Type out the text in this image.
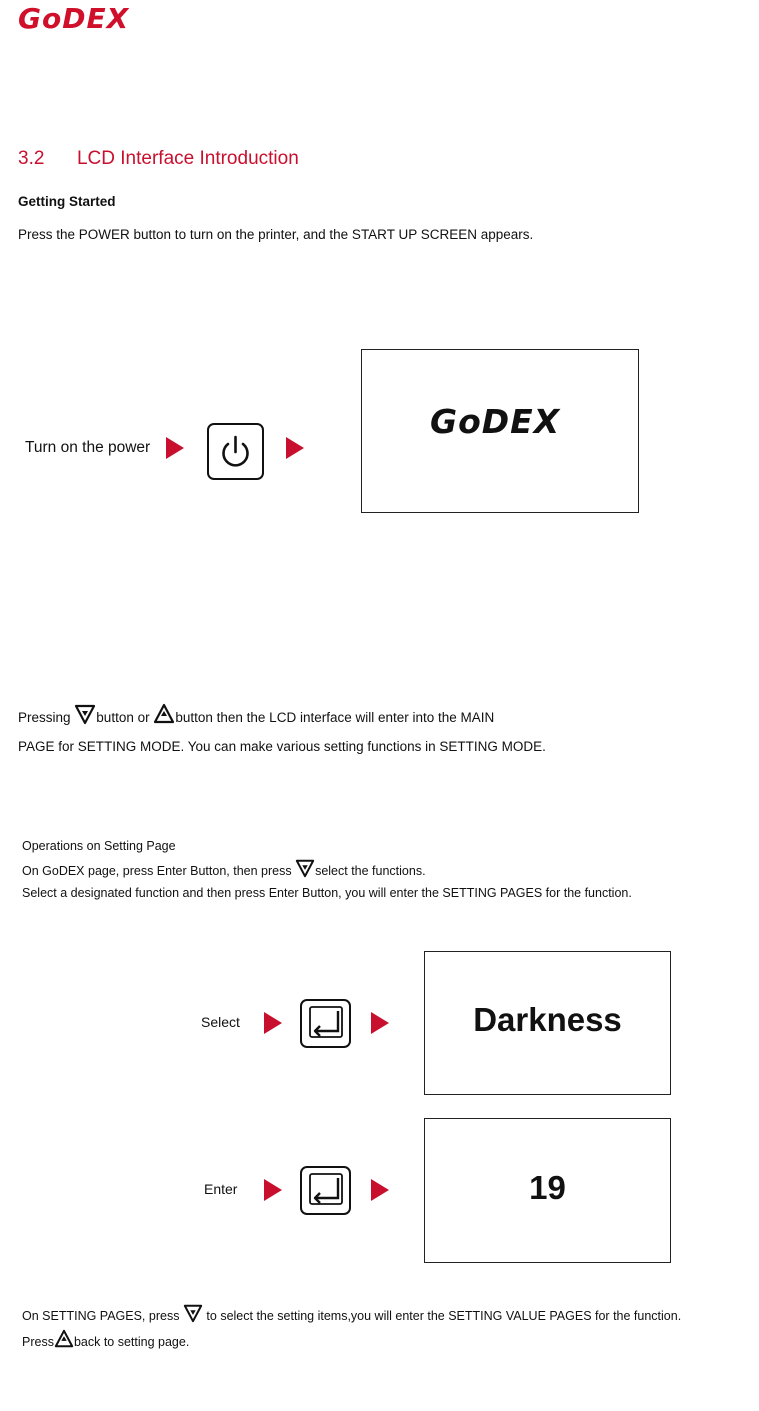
GoDEX
3.2 LCD Interface Introduction
Getting Started
Press the POWER button to turn on the printer, and the START UP SCREEN appears.
Turn on the power
GoDEX
Pressing button or button then the LCD interface will enter into the MAIN
PAGE for SETTING MODE. You can make various setting functions in SETTING MODE.
Operations on Setting Page
On GoDEX page, press Enter Button, then press select the functions.
Select a designated function and then press Enter Button, you will enter the SETTING PAGES for the function.
Select	Darkness
Enter	19
On SETTING PAGES, press to select the setting items,you will enter the SETTING VALUE PAGES for the function.
Press back to setting page.
